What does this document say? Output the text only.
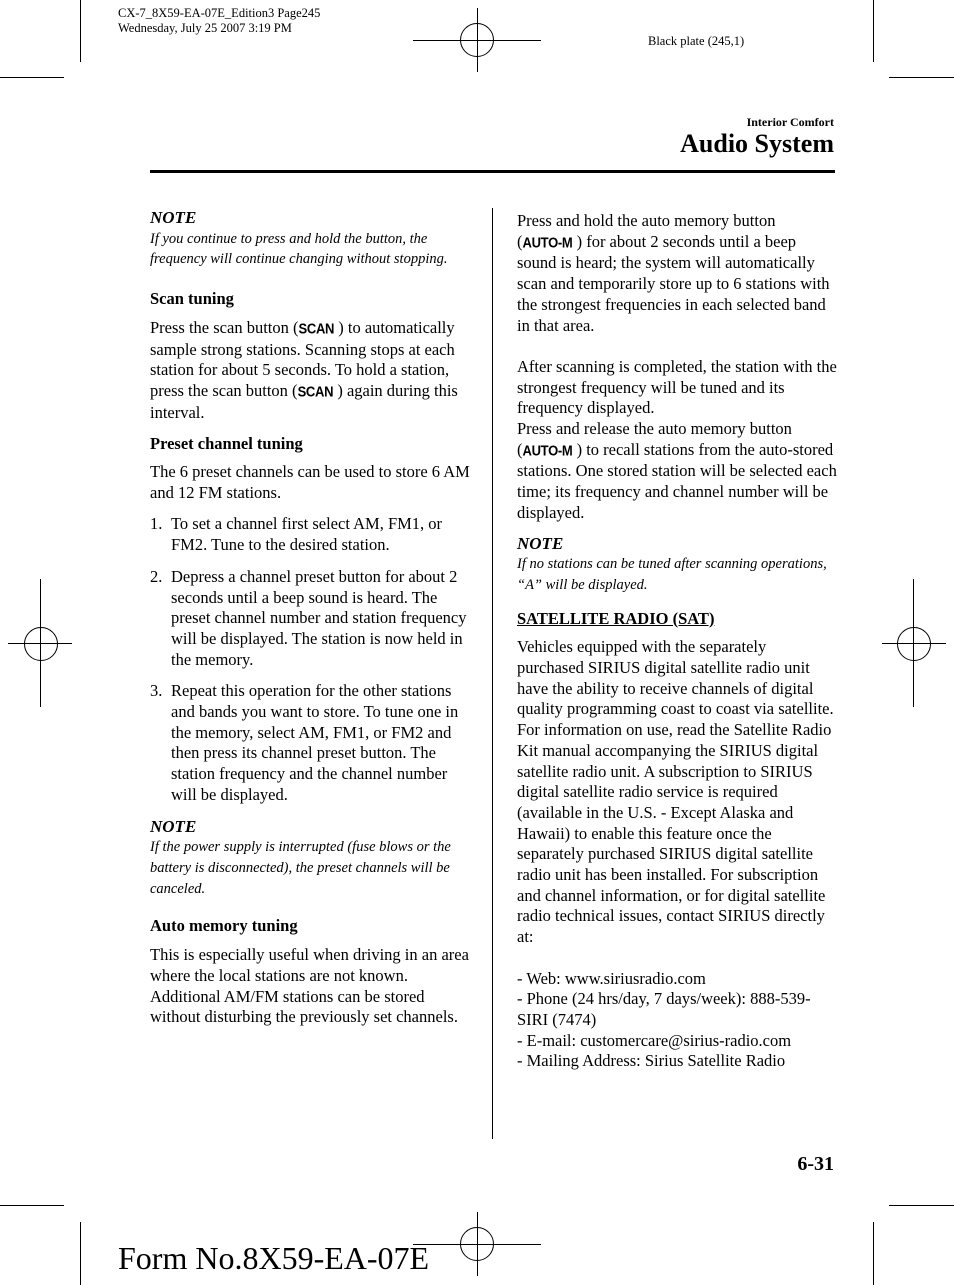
CX-7_8X59-EA-07E_Edition3 Page245
Wednesday, July 25 2007 3:19 PM
Black plate (245,1)
Interior Comfort
Audio System

NOTE

If you continue to press and hold the button, the frequency will continue changing without stopping.

Scan tuning

Press the scan button (SCAN ) to automatically sample strong stations. Scanning stops at each station for about 5 seconds. To hold a station, press the scan button (SCAN ) again during this interval.

Preset channel tuning

The 6 preset channels can be used to store 6 AM and 12 FM stations.

1. To set a channel first select AM, FM1, or FM2. Tune to the desired station.
2. Depress a channel preset button for about 2 seconds until a beep sound is heard. The preset channel number and station frequency will be displayed. The station is now held in the memory.
3. Repeat this operation for the other stations and bands you want to store. To tune one in the memory, select AM, FM1, or FM2 and then press its channel preset button. The station frequency and the channel number will be displayed.

NOTE

If the power supply is interrupted (fuse blows or the battery is disconnected), the preset channels will be canceled.

Auto memory tuning

This is especially useful when driving in an area where the local stations are not known. Additional AM/FM stations can be stored without disturbing the previously set channels.

Press and hold the auto memory button
(AUTO-M ) for about 2 seconds until a beep sound is heard; the system will automatically scan and temporarily store up to 6 stations with the strongest frequencies in each selected band in that area.

After scanning is completed, the station with the strongest frequency will be tuned and its frequency displayed.

Press and release the auto memory button
(AUTO-M ) to recall stations from the auto-stored stations. One stored station will be selected each time; its frequency and channel number will be displayed.

NOTE

If no stations can be tuned after scanning operations, “A” will be displayed.

SATELLITE RADIO (SAT)

Vehicles equipped with the separately purchased SIRIUS digital satellite radio unit have the ability to receive channels of digital quality programming coast to coast via satellite. For information on use, read the Satellite Radio Kit manual accompanying the SIRIUS digital satellite radio unit. A subscription to SIRIUS digital satellite radio service is required (available in the U.S. - Except Alaska and Hawaii) to enable this feature once the separately purchased SIRIUS digital satellite radio unit has been installed. For subscription and channel information, or for digital satellite radio technical issues, contact SIRIUS directly at:

- Web: www.siriusradio.com

- Phone (24 hrs/day, 7 days/week): 888-539-SIRI (7474)

- E-mail: customercare@sirius-radio.com

- Mailing Address: Sirius Satellite Radio

6-31
Form No.8X59-EA-07E
